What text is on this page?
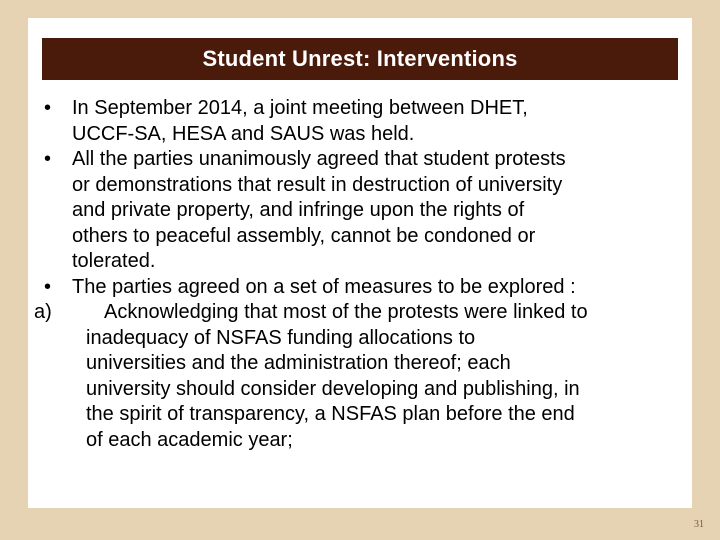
Student Unrest: Interventions
• In September 2014, a joint meeting between DHET,
UCCF-SA, HESA and SAUS was held.
• All the parties unanimously agreed that student protests
or demonstrations that result in destruction of university
and private property, and infringe upon the rights of
others to peaceful assembly, cannot be condoned or
tolerated.
• The parties agreed on a set of measures to be explored :
a)	Acknowledging that most of the protests were linked to
inadequacy of NSFAS funding allocations to
universities and the administration thereof; each
university should consider developing and publishing, in
the spirit of transparency, a NSFAS plan before the end
of each academic year;
31
